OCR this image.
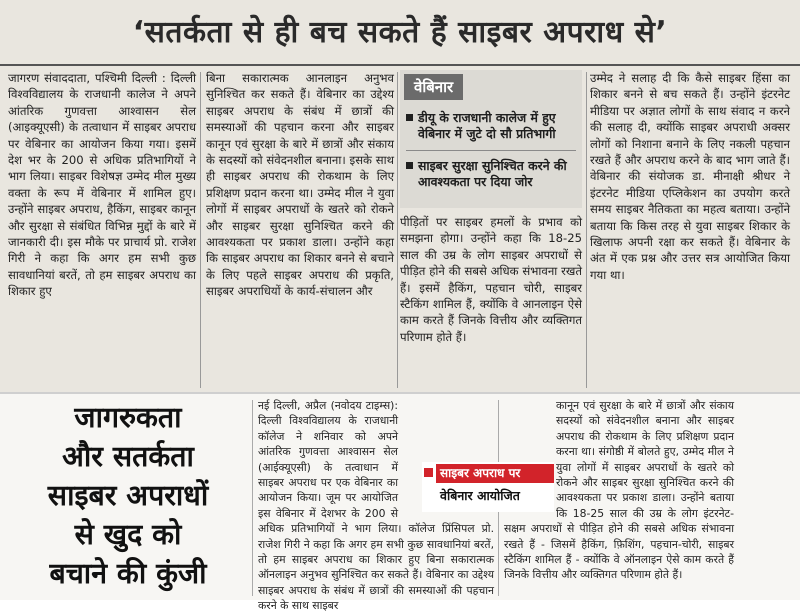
‘सतर्कता से ही बच सकते हैं साइबर अपराध से’
जागरण संवाददाता, पश्चिमी दिल्ली : दिल्ली विश्वविद्यालय के राजधानी कालेज ने अपने आंतरिक गुणवत्ता आश्वासन सेल (आइक्यूएसी) के तत्वाधान में साइबर अपराध पर वेबिनार का आयोजन किया गया। इसमें देश भर के 200 से अधिक प्रतिभागियों ने भाग लिया। साइबर विशेषज्ञ उम्मेद मील मुख्य वक्ता के रूप में वेबिनार में शामिल हुए। उन्होंने साइबर अपराध, हैकिंग, साइबर कानून और सुरक्षा से संबंधित विभिन्न मुद्दों के बारे में जानकारी दी। इस मौके पर प्राचार्य प्रो. राजेश गिरी ने कहा कि अगर हम सभी कुछ सावधानियां बरतें, तो हम साइबर अपराध का शिकार हुए
बिना सकारात्मक आनलाइन अनुभव सुनिश्चित कर सकते हैं। वेबिनार का उद्देश्य साइबर अपराध के संबंध में छात्रों की समस्याओं की पहचान करना और साइबर कानून एवं सुरक्षा के बारे में छात्रों और संकाय के सदस्यों को संवेदनशील बनाना। इसके साथ ही साइबर अपराध की रोकथाम के लिए प्रशिक्षण प्रदान करना था। उम्मेद मील ने युवा लोगों में साइबर अपराधों के खतरे को रोकने और साइबर सुरक्षा सुनिश्चित करने की आवश्यकता पर प्रकाश डाला। उन्होंने कहा कि साइबर अपराध का शिकार बनने से बचाने के लिए पहले साइबर अपराध की प्रकृति, साइबर अपराधियों के कार्य-संचालन और
वेबिनार
डीयू के राजधानी कालेज में हुए वेबिनार में जुटे दो सौ प्रतिभागी
साइबर सुरक्षा सुनिश्चित करने की आवश्यकता पर दिया जोर
पीड़ितों पर साइबर हमलों के प्रभाव को समझना होगा। उन्होंने कहा कि 18-25 साल की उम्र के लोग साइबर अपराधों से पीड़ित होने की सबसे अधिक संभावना रखते हैं। इसमें हैकिंग, पहचान चोरी, साइबर स्टैकिंग शामिल हैं, क्योंकि वे आनलाइन ऐसे काम करते हैं जिनके वित्तीय और व्यक्तिगत परिणाम होते हैं।
उम्मेद ने सलाह दी कि कैसे साइबर हिंसा का शिकार बनने से बच सकते हैं। उन्होंने इंटरनेट मीडिया पर अज्ञात लोगों के साथ संवाद न करने की सलाह दी, क्योंकि साइबर अपराधी अक्सर लोगों को निशाना बनाने के लिए नकली पहचान रखते हैं और अपराध करने के बाद भाग जाते हैं। वेबिनार की संयोजक डा. मीनाक्षी श्रीधर ने इंटरनेट मीडिया एप्लिकेशन का उपयोग करते समय साइबर नैतिकता का महत्व बताया। उन्होंने बताया कि किस तरह से युवा साइबर शिकार के खिलाफ अपनी रक्षा कर सकते हैं। वेबिनार के अंत में एक प्रश्न और उत्तर सत्र आयोजित किया गया था।
जागरुकता
और सतर्कता
साइबर अपराधों
से खुद को
बचाने की कुंजी
नई दिल्ली, अप्रैल (नवोदय टाइम्स): दिल्ली विश्वविद्यालय के राजधानी कॉलेज ने शनिवार को अपने आंतरिक गुणवत्ता आश्वासन सेल (आईक्यूएसी) के तत्वाधान में साइबर अपराध पर एक वेबिनार का आयोजन किया। जूम पर आयोजित इस वेबिनार में देशभर के 200 से अधिक प्रतिभागियों ने भाग लिया। कॉलेज प्रिंसिपल प्रो. राजेश गिरी ने कहा कि अगर हम सभी कुछ सावधानियां बरतें, तो हम साइबर अपराध का शिकार हुए बिना सकारात्मक ऑनलाइन अनुभव सुनिश्चित कर सकते हैं। वेबिनार का उद्देश्य साइबर अपराध के संबंध में छात्रों की समस्याओं की पहचान करने के साथ साइबर
कानून एवं सुरक्षा के बारे में छात्रों और संकाय सदस्यों को संवेदनशील बनाना और साइबर अपराध की रोकथाम के लिए प्रशिक्षण प्रदान करना था। संगोष्ठी में बोलते हुए, उम्मेद मील ने युवा लोगों में साइबर अपराधों के खतरे को रोकने और साइबर सुरक्षा सुनिश्चित करने की आवश्यकता पर प्रकाश डाला। उन्होंने बताया कि 18-25 साल की उम्र के लोग इंटरनेट-सक्षम अपराधों से पीड़ित होने की सबसे अधिक संभावना रखते हैं - जिसमें हैकिंग, फ़िशिंग, पहचान-चोरी, साइबर स्टैकिंग शामिल हैं - क्योंकि वे ऑनलाइन ऐसे काम करते हैं जिनके वित्तीय और व्यक्तिगत परिणाम होते हैं।
साइबर अपराध पर
वेबिनार आयोजित
